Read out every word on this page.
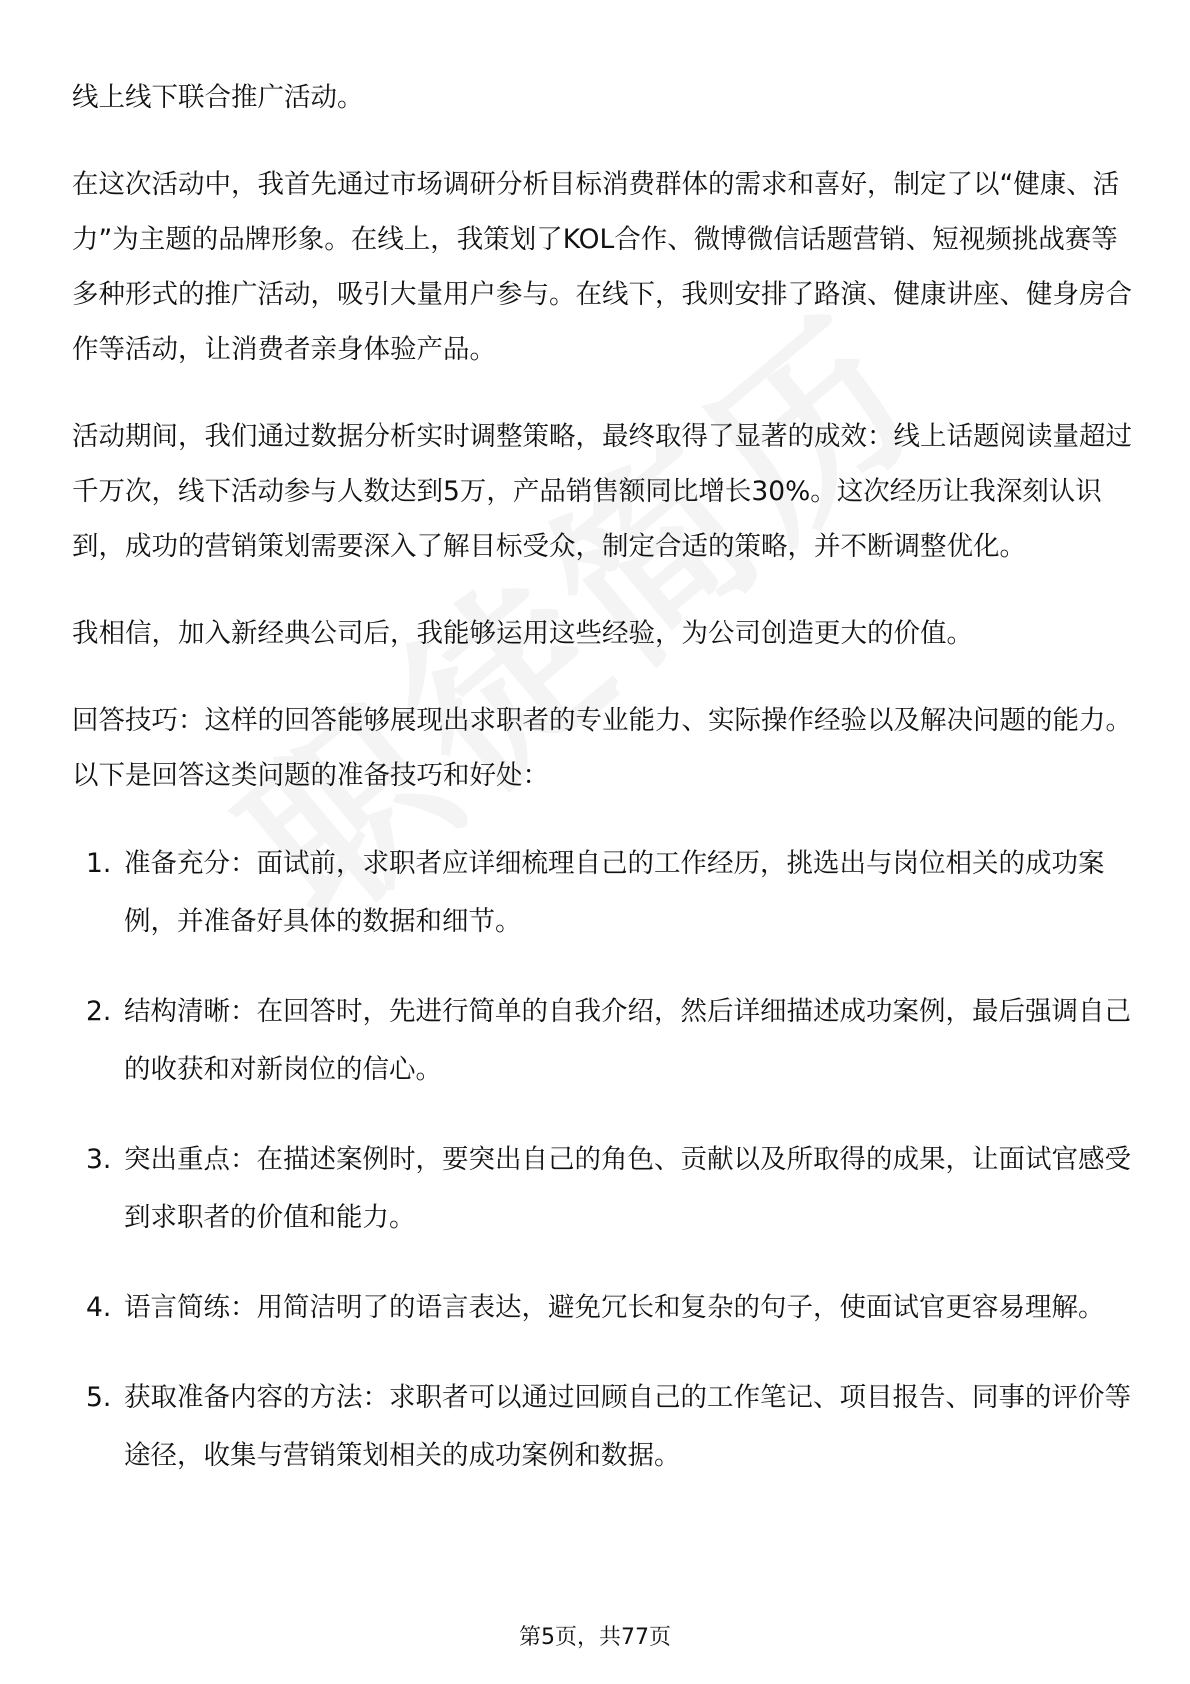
线上线下联合推广活动。

在这次活动中，我首先通过市场调研分析目标消费群体的需求和喜好，制定了以“健康、活力”为主题的品牌形象。在线上，我策划了KOL合作、微博微信话题营销、短视频挑战赛等多种形式的推广活动，吸引大量用户参与。在线下，我则安排了路演、健康讲座、健身房合作等活动，让消费者亲身体验产品。

活动期间，我们通过数据分析实时调整策略，最终取得了显著的成效：线上话题阅读量超过千万次，线下活动参与人数达到5万，产品销售额同比增长30%。这次经历让我深刻认识到，成功的营销策划需要深入了解目标受众，制定合适的策略，并不断调整优化。

我相信，加入新经典公司后，我能够运用这些经验，为公司创造更大的价值。

回答技巧：这样的回答能够展现出求职者的专业能力、实际操作经验以及解决问题的能力。以下是回答这类问题的准备技巧和好处：

1. 准备充分：面试前，求职者应详细梳理自己的工作经历，挑选出与岗位相关的成功案例，并准备好具体的数据和细节。
2. 结构清晰：在回答时，先进行简单的自我介绍，然后详细描述成功案例，最后强调自己的收获和对新岗位的信心。
3. 突出重点：在描述案例时，要突出自己的角色、贡献以及所取得的成果，让面试官感受到求职者的价值和能力。
4. 语言简练：用简洁明了的语言表达，避免冗长和复杂的句子，使面试官更容易理解。
5. 获取准备内容的方法：求职者可以通过回顾自己的工作笔记、项目报告、同事的评价等途径，收集与营销策划相关的成功案例和数据。
第5页，共77页
